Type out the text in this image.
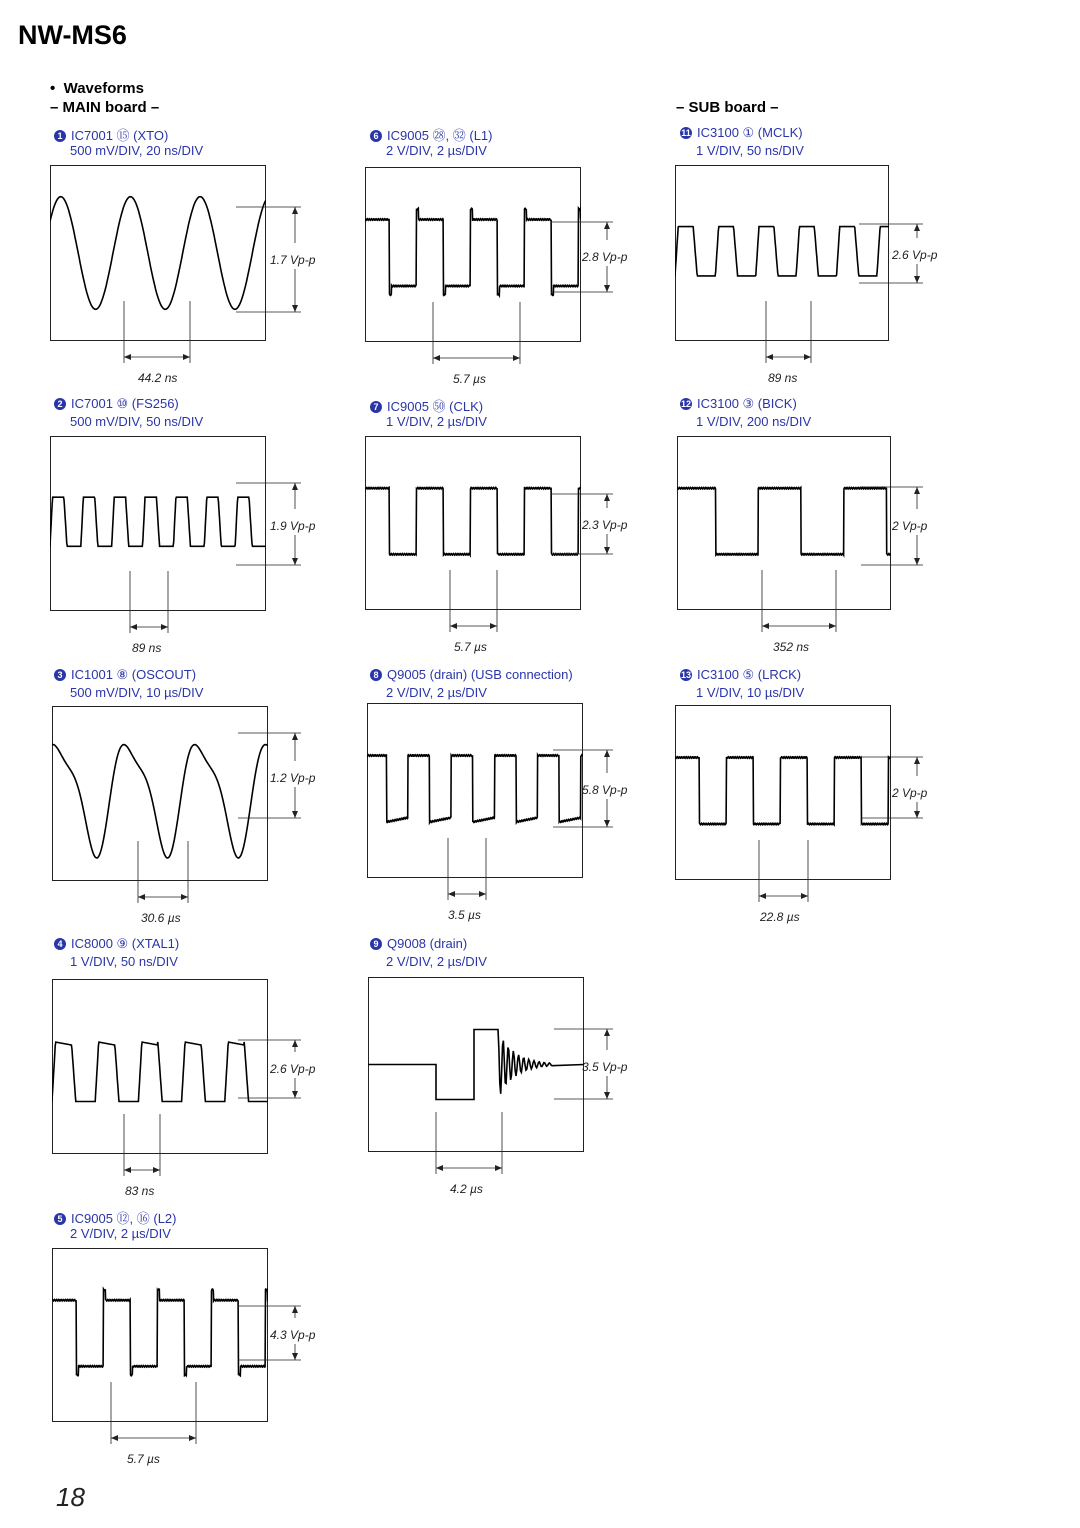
NW-MS6
• Waveforms
– MAIN board –	– SUB board –
1 IC7001 ⑮ (XTO)
500 mV/DIV, 20 ns/DIV
1.7 Vp-p
44.2 ns
2 IC7001 ⑩ (FS256)
500 mV/DIV, 50 ns/DIV
1.9 Vp-p
89 ns
3 IC1001 ⑧ (OSCOUT)
500 mV/DIV, 10 µs/DIV
1.2 Vp-p
30.6 µs
4 IC8000 ⑨ (XTAL1)
1 V/DIV, 50 ns/DIV
2.6 Vp-p
83 ns
5 IC9005 ⑫, ⑯ (L2)
2 V/DIV, 2 µs/DIV
4.3 Vp-p
5.7 µs
6 IC9005 ㉘, ㉜ (L1)
2 V/DIV, 2 µs/DIV
2.8 Vp-p
5.7 µs
7 IC9005 ㊿ (CLK)
1 V/DIV, 2 µs/DIV
2.3 Vp-p
5.7 µs
8 Q9005 (drain) (USB connection)
2 V/DIV, 2 µs/DIV
5.8 Vp-p
3.5 µs
9 Q9008 (drain)
2 V/DIV, 2 µs/DIV
3.5 Vp-p
4.2 µs
11 IC3100 ① (MCLK)
1 V/DIV, 50 ns/DIV
2.6 Vp-p
89 ns
12 IC3100 ③ (BICK)
1 V/DIV, 200 ns/DIV
2 Vp-p
352 ns
13 IC3100 ⑤ (LRCK)
1 V/DIV, 10 µs/DIV
2 Vp-p
22.8 µs
18
